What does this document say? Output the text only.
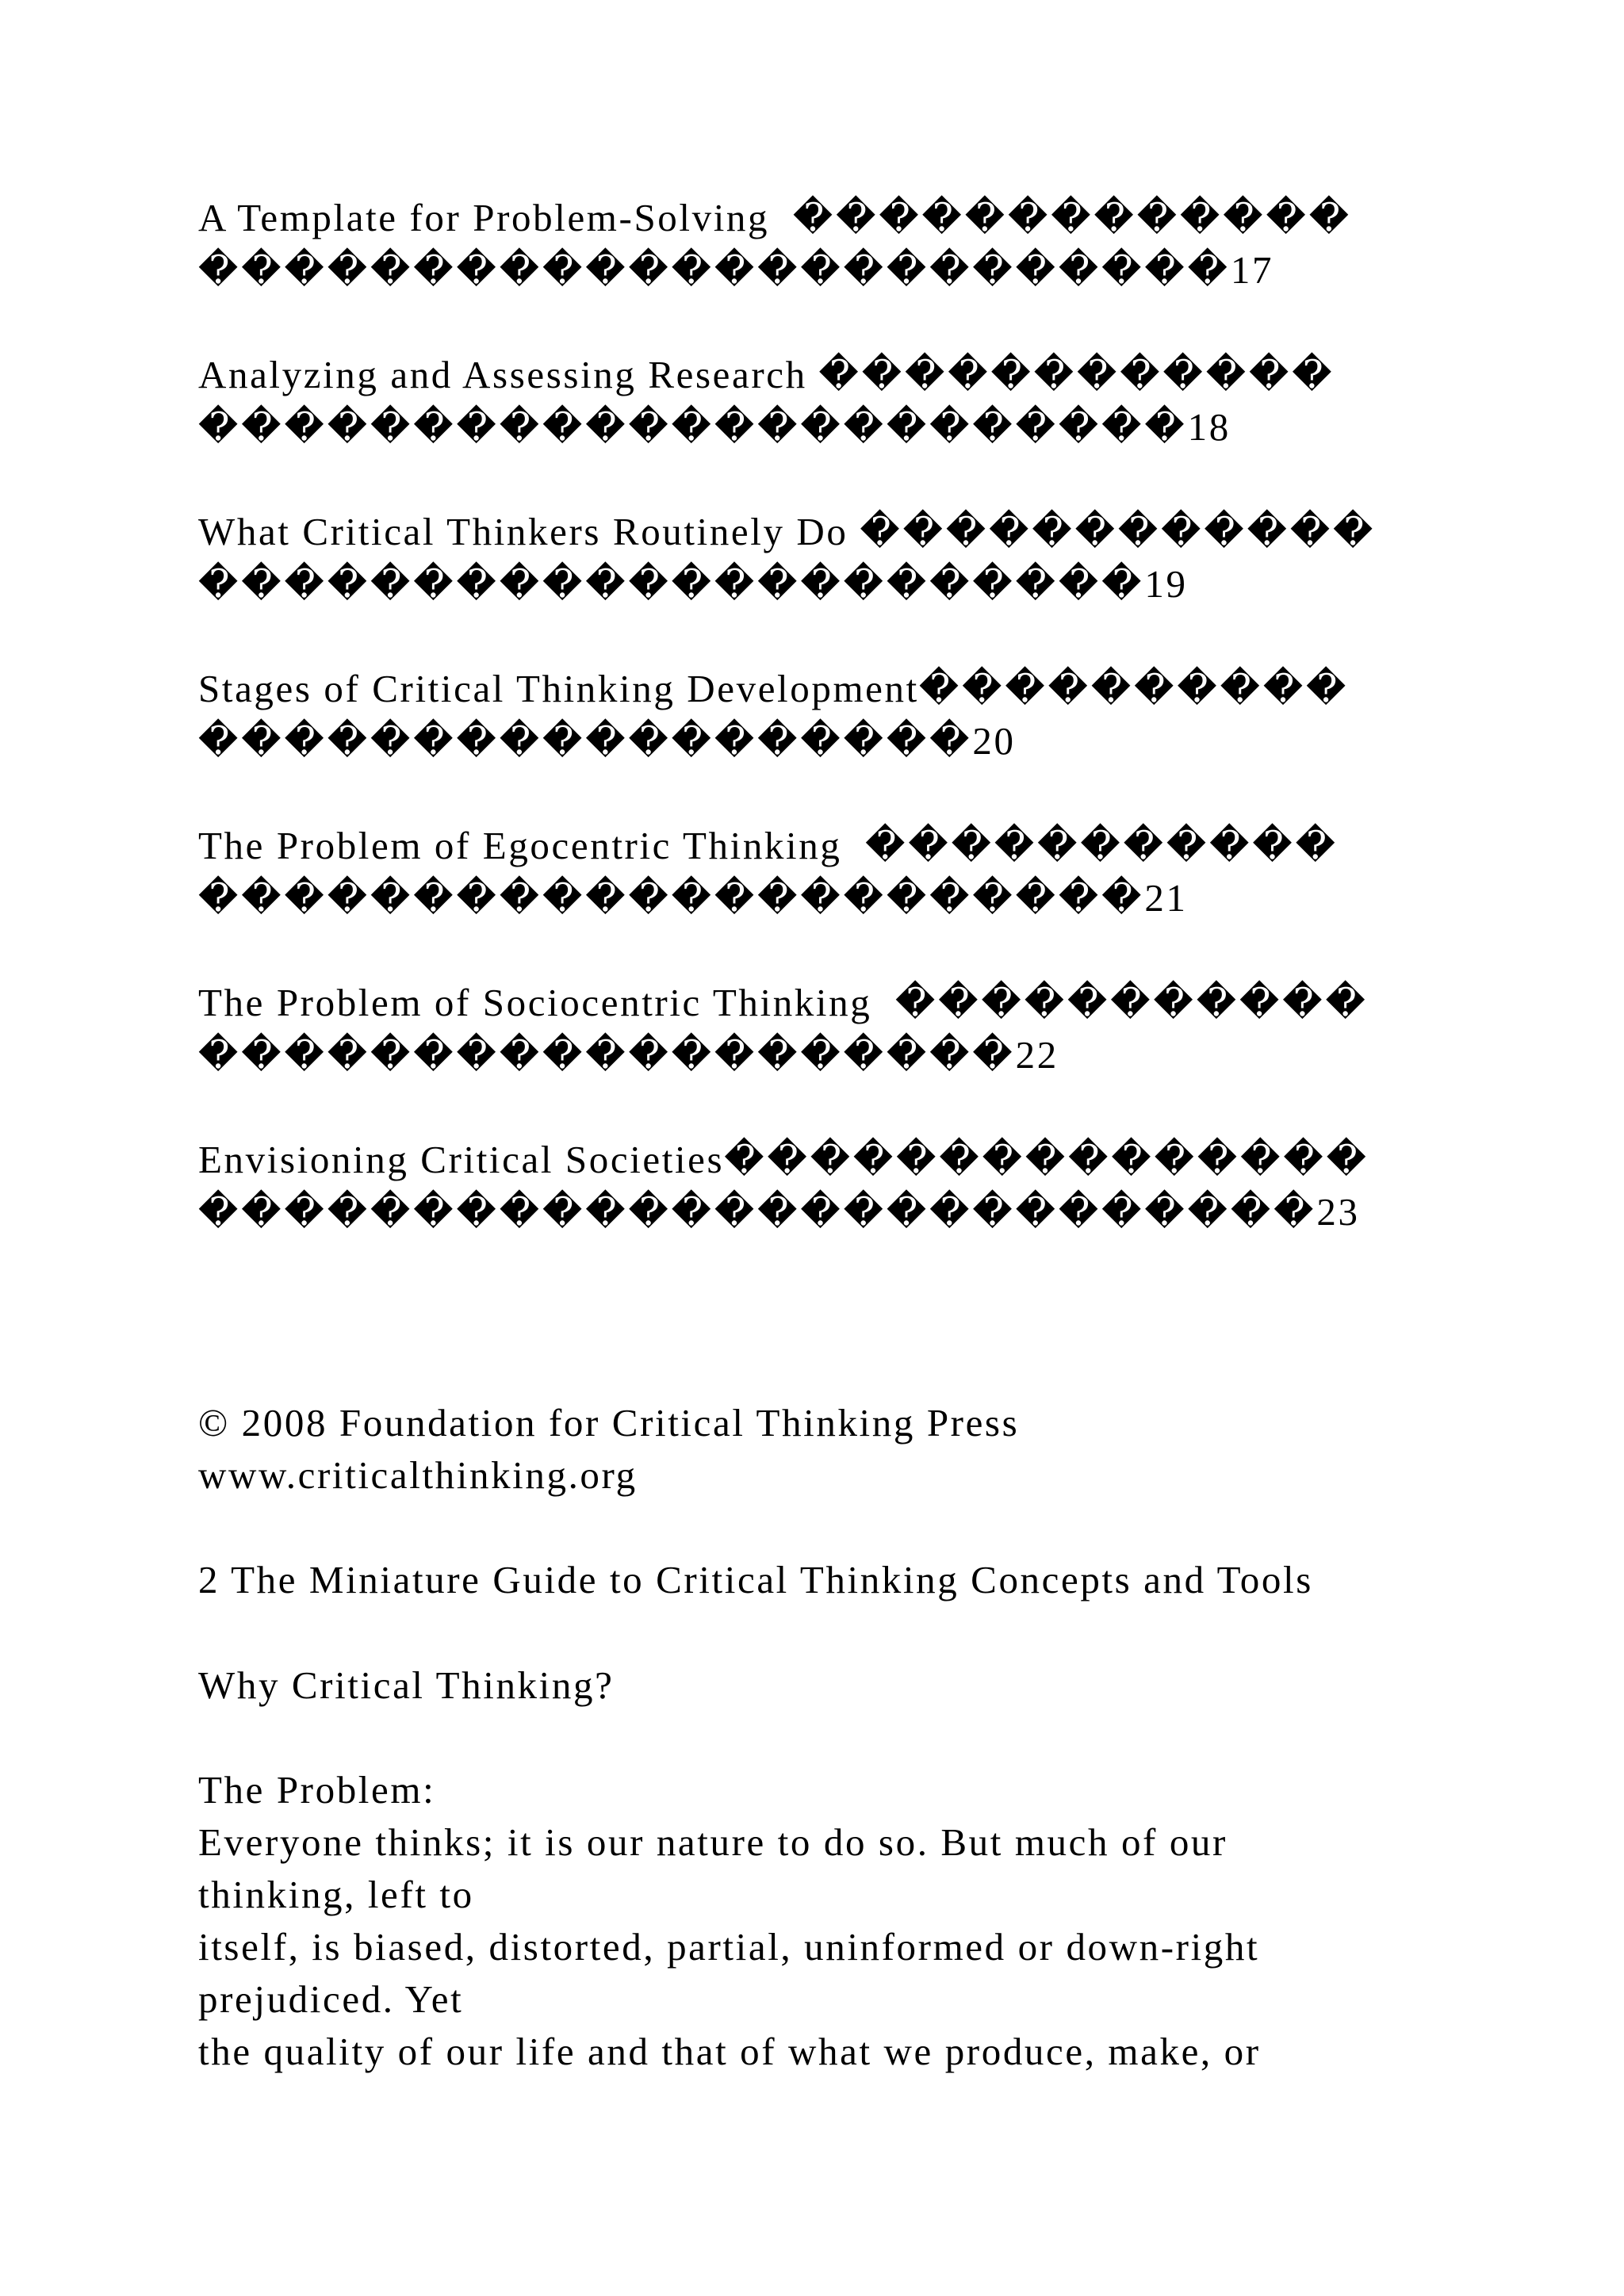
A Template for Problem-Solving  �������������
������������������������17
Analyzing and Assessing Research ������������
�����������������������18
What Critical Thinkers Routinely Do ������������
����������������������19
Stages of Critical Thinking Development����������
������������������20
The Problem of Egocentric Thinking  �����������
����������������������21
The Problem of Sociocentric Thinking  �����������
�������������������22
Envisioning Critical Societies���������������
��������������������������23
© 2008 Foundation for Critical Thinking Press
www.criticalthinking.org
2 The Miniature Guide to Critical Thinking Concepts and Tools
Why Critical Thinking?
The Problem:
Everyone thinks; it is our nature to do so. But much of our
thinking, left to
itself, is biased, distorted, partial, uninformed or down-right
prejudiced. Yet
the quality of our life and that of what we produce, make, or
